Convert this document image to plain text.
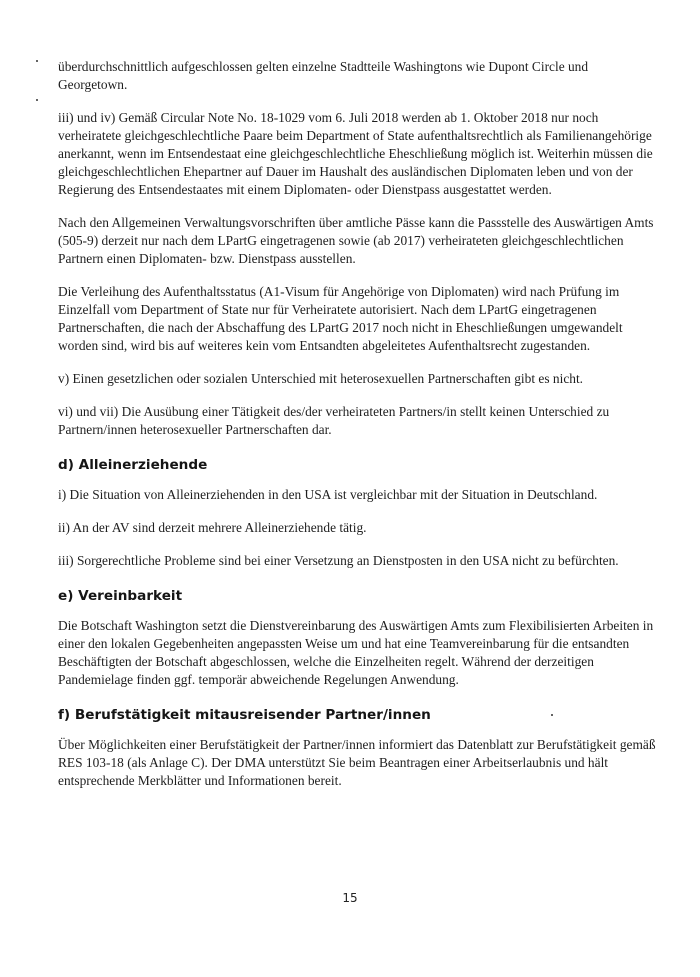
überdurchschnittlich aufgeschlossen gelten einzelne Stadtteile Washingtons wie Dupont Circle und Georgetown.

iii) und iv) Gemäß Circular Note No. 18-1029 vom 6. Juli 2018 werden ab 1. Oktober 2018 nur noch verheiratete gleichgeschlechtliche Paare beim Department of State aufenthaltsrechtlich als Familienangehörige anerkannt, wenn im Entsendestaat eine gleichgeschlechtliche Eheschließung möglich ist. Weiterhin müssen die gleichgeschlechtlichen Ehepartner auf Dauer im Haushalt des ausländischen Diplomaten leben und von der Regierung des Entsendestaates mit einem Diplomaten- oder Dienstpass ausgestattet werden.

Nach den Allgemeinen Verwaltungsvorschriften über amtliche Pässe kann die Passstelle des Auswärtigen Amts (505-9) derzeit nur nach dem LPartG eingetragenen sowie (ab 2017) verheirateten gleichgeschlechtlichen Partnern einen Diplomaten- bzw. Dienstpass ausstellen.

Die Verleihung des Aufenthaltsstatus (A1-Visum für Angehörige von Diplomaten) wird nach Prüfung im Einzelfall vom Department of State nur für Verheiratete autorisiert. Nach dem LPartG eingetragenen Partnerschaften, die nach der Abschaffung des LPartG 2017 noch nicht in Eheschließungen umgewandelt worden sind, wird bis auf weiteres kein vom Entsandten abgeleitetes Aufenthaltsrecht zugestanden.

v) Einen gesetzlichen oder sozialen Unterschied mit heterosexuellen Partnerschaften gibt es nicht.

vi) und vii) Die Ausübung einer Tätigkeit des/der verheirateten Partners/in stellt keinen Unterschied zu Partnern/innen heterosexueller Partnerschaften dar.

d) Alleinerziehende

i) Die Situation von Alleinerziehenden in den USA ist vergleichbar mit der Situation in Deutschland.

ii) An der AV sind derzeit mehrere Alleinerziehende tätig.

iii) Sorgerechtliche Probleme sind bei einer Versetzung an Dienstposten in den USA nicht zu befürchten.

e) Vereinbarkeit

Die Botschaft Washington setzt die Dienstvereinbarung des Auswärtigen Amts zum Flexibilisierten Arbeiten in einer den lokalen Gegebenheiten angepassten Weise um und hat eine Teamvereinbarung für die entsandten Beschäftigten der Botschaft abgeschlossen, welche die Einzelheiten regelt. Während der derzeitigen Pandemielage finden ggf. temporär abweichende Regelungen Anwendung.

f) Berufstätigkeit mitausreisender Partner/innen

Über Möglichkeiten einer Berufstätigkeit der Partner/innen informiert das Datenblatt zur Berufstätigkeit gemäß RES 103-18 (als Anlage C). Der DMA unterstützt Sie beim Beantragen einer Arbeitserlaubnis und hält entsprechende Merkblätter und Informationen bereit.

15
